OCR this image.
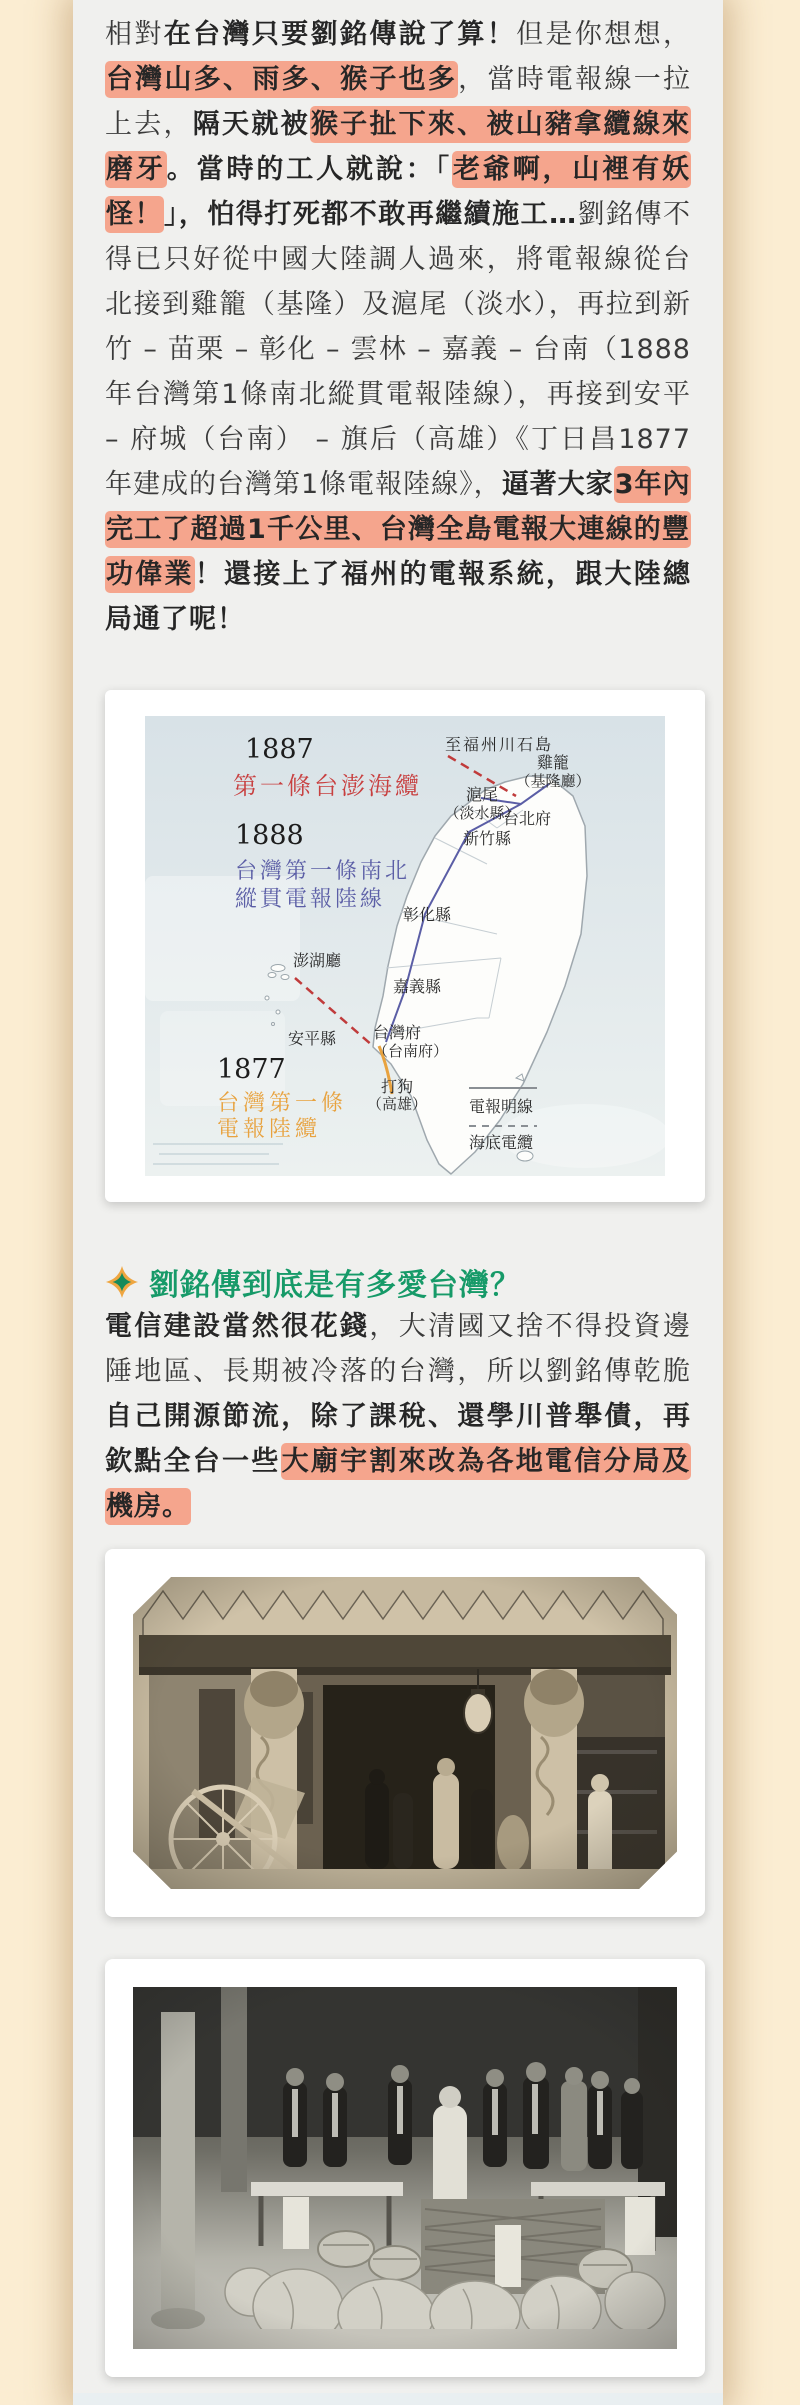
相對在台灣只要劉銘傳說了算！但是你想想，台灣山多、雨多、猴子也多，當時電報線一拉上去，隔天就被猴子扯下來、被山豬拿纜線來磨牙。當時的工人就說：「老爺啊，山裡有妖怪！」，怕得打死都不敢再繼續施工…劉銘傳不得已只好從中國大陸調人過來，將電報線從台北接到雞籠（基隆）及滬尾（淡水），再拉到新竹 – 苗栗 – 彰化 – 雲林 – 嘉義 – 台南（1888年台灣第1條南北縱貫電報陸線），再接到安平 – 府城（台南） – 旗后（高雄）《丁日昌1877年建成的台灣第1條電報陸線》，逼著大家3年內完工了超過1千公里、台灣全島電報大連線的豐功偉業！還接上了福州的電報系統，跟大陸總局通了呢！

1887
第一條台澎海纜
1888
台灣第一條南北
縱貫電報陸線
1877
台灣第一條
電報陸纜
至福州川石島
雞籠
（基隆廳）
滬尾
（淡水縣）
台北府
新竹縣
彰化縣
澎湖廳
嘉義縣
安平縣 台灣府
（台南府）
打狗
（高雄）	電報明線
海底電纜
劉銘傳到底是有多愛台灣？

電信建設當然很花錢，大清國又捨不得投資邊陲地區、長期被冷落的台灣，所以劉銘傳乾脆自己開源節流，除了課稅、還學川普舉債，再欽點全台一些大廟宇割來改為各地電信分局及機房。
